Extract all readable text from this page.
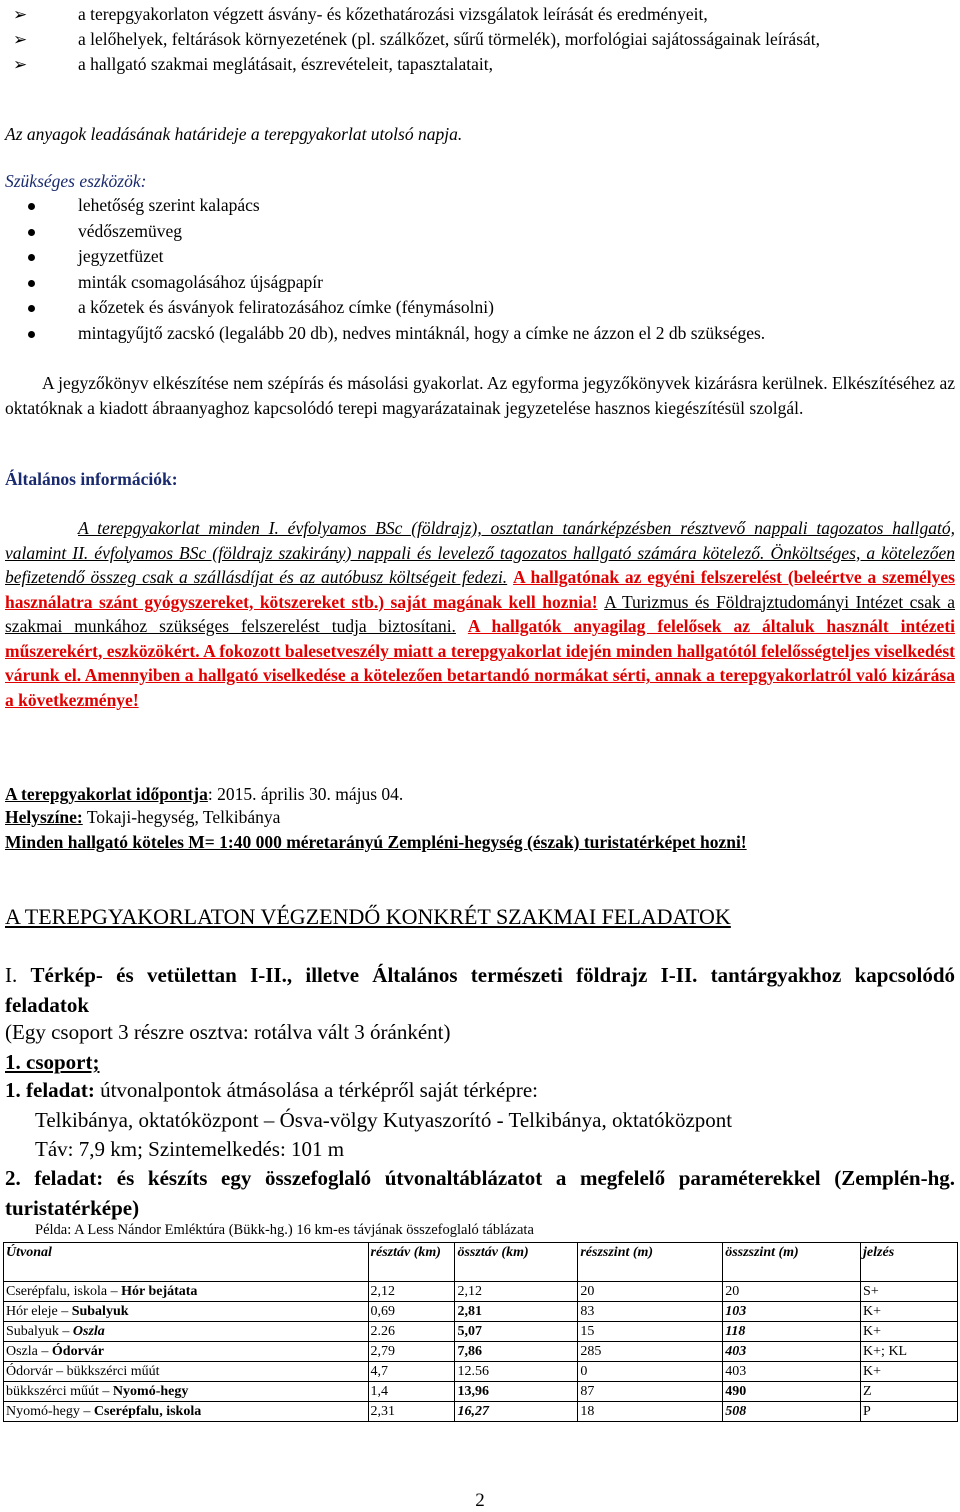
➢	a terepgyakorlaton végzett ásvány- és kőzethatározási vizsgálatok leírását és eredményeit,
➢	a lelőhelyek, feltárások környezetének (pl. szálkőzet, sűrű törmelék), morfológiai sajátosságainak leírását,
➢	a hallgató szakmai meglátásait, észrevételeit, tapasztalatait,
Az anyagok leadásának határideje a terepgyakorlat utolsó napja.
Szükséges eszközök:
lehetőség szerint kalapács
védőszemüveg
jegyzetfüzet
minták csomagolásához újságpapír
a kőzetek és ásványok feliratozásához címke (fénymásolni)
mintagyűjtő zacskó (legalább 20 db), nedves mintáknál, hogy a címke ne ázzon el 2 db szükséges.
A jegyzőkönyv elkészítése nem szépírás és másolási gyakorlat. Az egyforma jegyzőkönyvek kizárásra kerülnek. Elkészítéséhez az oktatóknak a kiadott ábraanyaghoz kapcsolódó terepi magyarázatainak jegyzetelése hasznos kiegészítésül szolgál.
Általános információk:
A terepgyakorlat minden I. évfolyamos BSc (földrajz), osztatlan tanárképzésben résztvevő nappali tagozatos hallgató, valamint II. évfolyamos BSc (földrajz szakirány) nappali és levelező tagozatos hallgató számára kötelező. Önköltséges, a kötelezően befizetendő összeg csak a szállásdíjat és az autóbusz költségeit fedezi. A hallgatónak az egyéni felszerelést (beleértve a személyes használatra szánt gyógyszereket, kötszereket stb.) saját magának kell hoznia! A Turizmus és Földrajztudományi Intézet csak a szakmai munkához szükséges felszerelést tudja biztosítani. A hallgatók anyagilag felelősek az általuk használt intézeti műszerekért, eszközökért. A fokozott balesetveszély miatt a terepgyakorlat idején minden hallgatótól felelősségteljes viselkedést várunk el. Amennyiben a hallgató viselkedése a kötelezően betartandó normákat sérti, annak a terepgyakorlatról való kizárása a következménye!
A terepgyakorlat időpontja: 2015. április 30. május 04.
Helyszíne: Tokaji-hegység, Telkibánya
Minden hallgató köteles M= 1:40 000 méretarányú Zempléni-hegység (észak) turistatérképet hozni!
A TEREPGYAKORLATON VÉGZENDŐ KONKRÉT SZAKMAI FELADATOK
I. Térkép- és vetülettan I-II., illetve Általános természeti földrajz I-II. tantárgyakhoz kapcsolódó feladatok
(Egy csoport 3 részre osztva: rotálva vált 3 óránként)
1. csoport;
1. feladat: útvonalpontok átmásolása a térképről saját térképre:
Telkibánya, oktatóközpont – Ósva-völgy Kutyaszorító - Telkibánya, oktatóközpont
Táv: 7,9 km; Szintemelkedés: 101 m
2. feladat: és készíts egy összefoglaló útvonaltáblázatot a megfelelő paraméterekkel (Zemplén-hg. turistatérképe)
Példa: A Less Nándor Emléktúra (Bükk-hg.) 16 km-es távjának összefoglaló táblázata
Útvonal	résztáv (km)	össztáv (km)	részszint (m)	összszint (m)	jelzés
Cserépfalu, iskola – Hór bejátata	2,12	2,12	20	20	S+
Hór eleje – Subalyuk	0,69	2,81	83	103	K+
Subalyuk – Oszla	2.26	5,07	15	118	K+
Oszla – Ódorvár	2,79	7,86	285	403	K+; KL
Ódorvár – bükkszérci műút	4,7	12.56	0	403	K+
bükkszérci műút – Nyomó-hegy	1,4	13,96	87	490	Z
Nyomó-hegy – Cserépfalu, iskola	2,31	16,27	18	508	P
2
